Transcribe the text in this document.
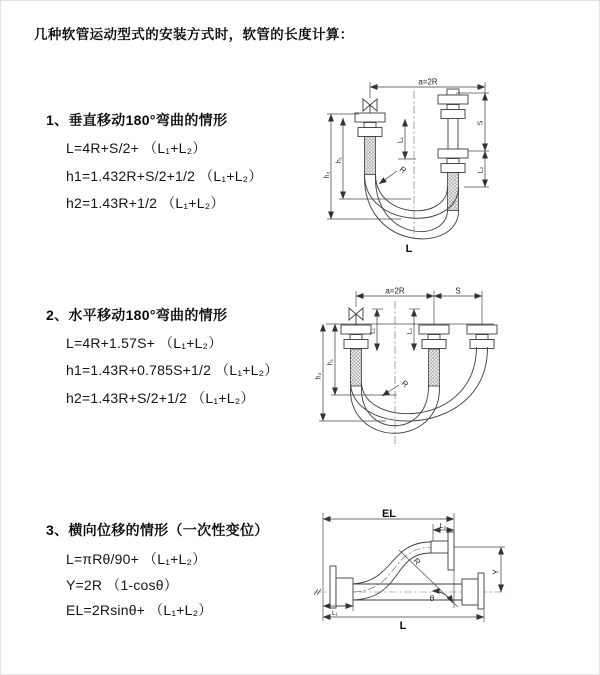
几种软管运动型式的安装方式时，软管的长度计算：
1、垂直移动180°弯曲的情形
L=4R+S/2+ （L₁+L₂）
h1=1.432R+S/2+1/2 （L₁+L₂）
h2=1.43R+1/2 （L₁+L₂）
2、水平移动180°弯曲的情形
L=4R+1.57S+ （L₁+L₂）
h1=1.43R+0.785S+1/2 （L₁+L₂）
h2=1.43R+S/2+1/2 （L₁+L₂）
3、横向位移的情形（一次性变位）
L=πRθ/90+ （L₁+L₂）
Y=2R （1-cosθ）
EL=2Rsinθ+ （L₁+L₂）
a=2R
h₂
h₁
L₁
S
L₂
R
L
a=2R	S
L₁	L₂
h₂
h₁
R
EL
L₂
Y
θ
R
L₁
L
